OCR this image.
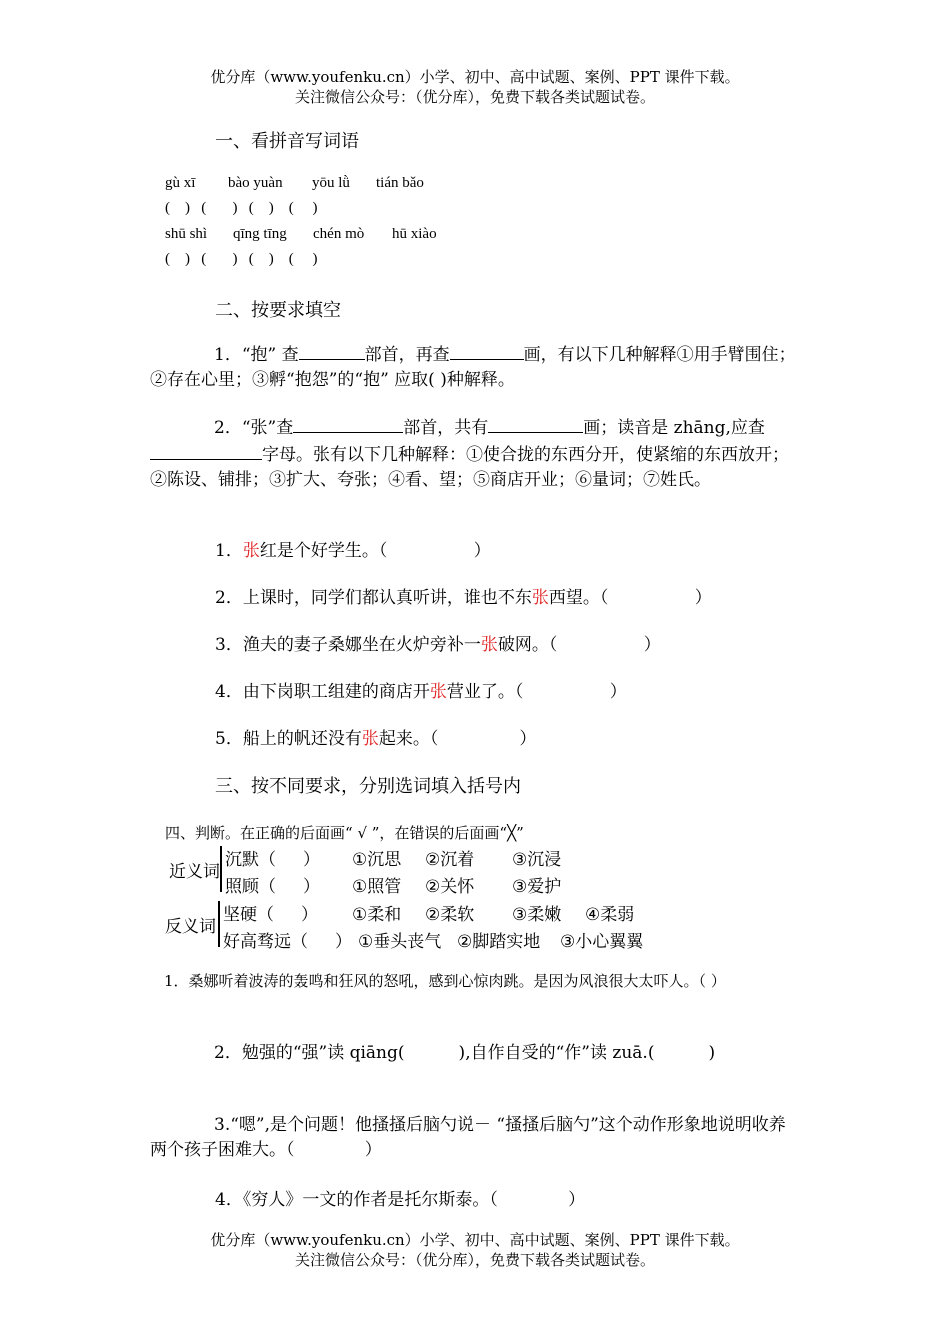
优分库（www.youfenku.cn）小学、初中、高中试题、案例、PPT 课件下载。
关注微信公众号：（优分库），免费下载各类试题试卷。
一、看拼音写词语
gù xī bào yuàn yōu lǜ tián bǎo
(    )   (       )   (    )    (     )
shū shì qīng tīng chén mò hū xiào
(    )   (       )   (    )    (     )
二、按要求填空
1．“抱” 查	部首，再查	画，有以下几种解释①用手臂围住；②存在心里；③孵“抱怨”的“抱” 应取( )种解释。
2．“张”查	部首，共有	画；读音是 zhāng,应查字母。张有以下几种解释：①使合拢的东西分开，使紧缩的东西放开；②陈设、铺排；③扩大、夸张；④看、望；⑤商店开业；⑥量词；⑦姓氏。
1．张红是个好学生。（                ）
2．上课时，同学们都认真听讲，谁也不东张西望。（                ）
3．渔夫的妻子桑娜坐在火炉旁补一张破网。（                ）
4．由下岗职工组建的商店开张营业了。（                ）
5．船上的帆还没有张起来。（               ）
三、按不同要求，分别选词填入括号内
四、判断。在正确的后面画“ √ ”，在错误的后面画“╳”
近义词
沉默（     ） ①沉思 ②沉着 ③沉浸
照顾（     ） ①照管 ②关怀 ③爱护
反义词
坚硬（     ） ①柔和 ②柔软 ③柔嫩 ④柔弱
好高骛远（     ） ①垂头丧气 ②脚踏实地 ③小心翼翼
1．桑娜听着波涛的轰鸣和狂风的怒吼，感到心惊肉跳。是因为风浪很大太吓人。（ ）
2．勉强的“强”读 qiāng(          ),自作自受的“作”读 zuā.(          )
3.“嗯”,是个问题！他搔搔后脑勺说－ “搔搔后脑勺”这个动作形象地说明收养两个孩子困难大。（             ）
4．《穷人》一文的作者是托尔斯泰。（             ）
优分库（www.youfenku.cn）小学、初中、高中试题、案例、PPT 课件下载。
关注微信公众号：（优分库），免费下载各类试题试卷。
